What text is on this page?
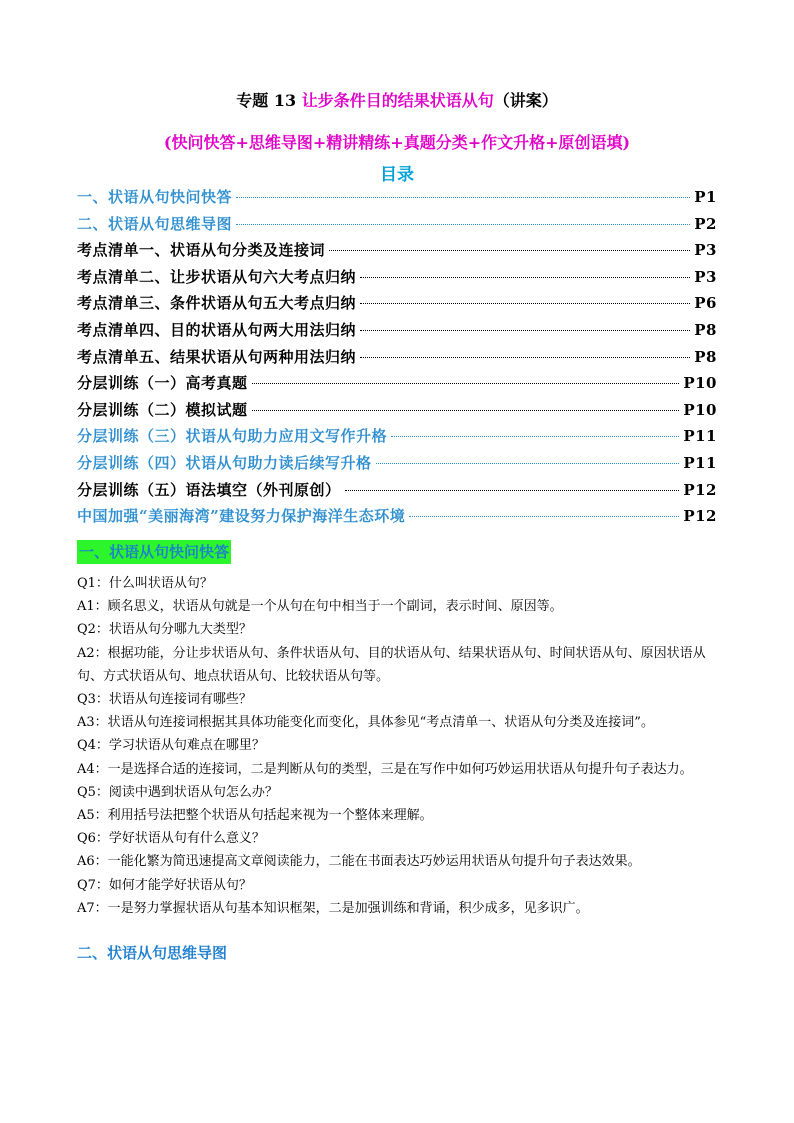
专题 13 让步条件目的结果状语从句（讲案）
(快问快答+思维导图+精讲精练+真题分类+作文升格+原创语填)
目录
一、状语从句快问快答	P1
二、状语从句思维导图	P2
考点清单一、状语从句分类及连接词	P3
考点清单二、让步状语从句六大考点归纳	P3
考点清单三、条件状语从句五大考点归纳	P6
考点清单四、目的状语从句两大用法归纳	P8
考点清单五、结果状语从句两种用法归纳	P8
分层训练（一）高考真题	P10
分层训练（二）模拟试题	P10
分层训练（三）状语从句助力应用文写作升格	P11
分层训练（四）状语从句助力读后续写升格	P11
分层训练（五）语法填空（外刊原创）	P12
中国加强“美丽海湾”建设努力保护海洋生态环境	P12
一、状语从句快问快答

Q1：什么叫状语从句？

A1：顾名思义，状语从句就是一个从句在句中相当于一个副词，表示时间、原因等。

Q2：状语从句分哪九大类型？

A2：根据功能，分让步状语从句、条件状语从句、目的状语从句、结果状语从句、时间状语从句、原因状语从句、方式状语从句、地点状语从句、比较状语从句等。

Q3：状语从句连接词有哪些？

A3：状语从句连接词根据其具体功能变化而变化，具体参见“考点清单一、状语从句分类及连接词”。

Q4：学习状语从句难点在哪里？

A4：一是选择合适的连接词，二是判断从句的类型，三是在写作中如何巧妙运用状语从句提升句子表达力。

Q5：阅读中遇到状语从句怎么办？

A5：利用括号法把整个状语从句括起来视为一个整体来理解。

Q6：学好状语从句有什么意义？

A6：一能化繁为简迅速提高文章阅读能力，二能在书面表达巧妙运用状语从句提升句子表达效果。

Q7：如何才能学好状语从句？

A7：一是努力掌握状语从句基本知识框架，二是加强训练和背诵，积少成多，见多识广。

二、状语从句思维导图
